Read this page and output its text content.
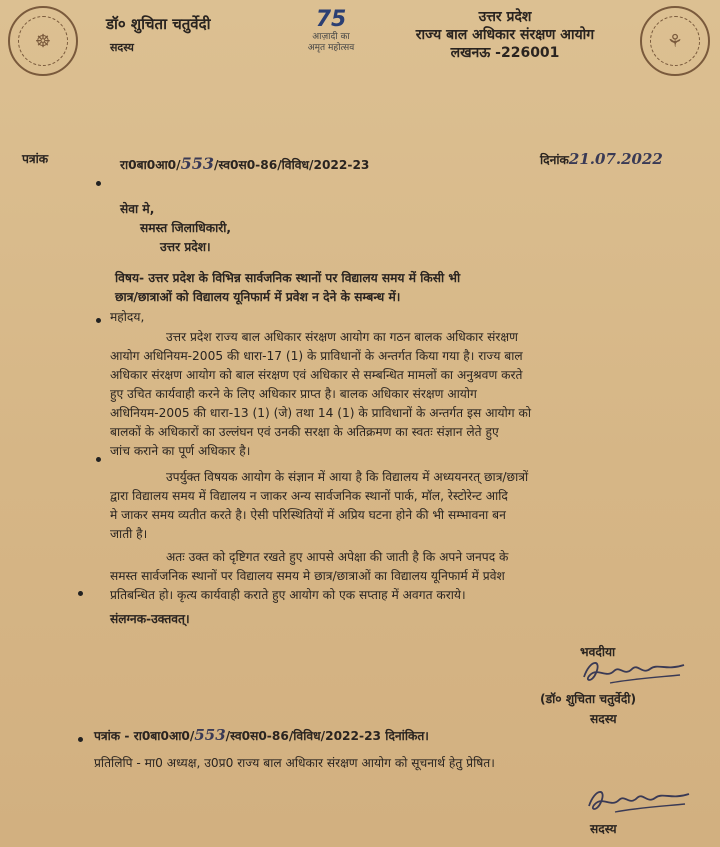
☸
डॉ० शुचिता चतुर्वेदी
सदस्य
75
आज़ादी का
अमृत महोत्सव
उत्तर प्रदेश
राज्य बाल अधिकार संरक्षण आयोग
लखनऊ -226001
⚘
पत्रांक	रा0बा0आ0/553/स्व0स0-86/विविध/2022-23	दिनांक21.07.2022
सेवा मे,
समस्त जिलाधिकारी,
उत्तर प्रदेश।
विषय- उत्तर प्रदेश के विभिन्न सार्वजनिक स्थानों पर विद्यालय समय में किसी भी
छात्र/छात्राओं को विद्यालय यूनिफार्म में प्रवेश न देने के सम्बन्ध में।
महोदय,
उत्तर प्रदेश राज्य बाल अधिकार संरक्षण आयोग का गठन बालक अधिकार संरक्षण
आयोग अधिनियम-2005 की धारा-17 (1) के प्राविधानों के अन्तर्गत किया गया है। राज्य बाल
अधिकार संरक्षण आयोग को बाल संरक्षण एवं अधिकार से सम्बन्धित मामलों का अनुश्रवण करते
हुए उचित कार्यवाही करने के लिए अधिकार प्राप्त है। बालक अधिकार संरक्षण आयोग
अधिनियम-2005 की धारा-13 (1) (जे) तथा 14 (1) के प्राविधानों के अन्तर्गत इस आयोग को
बालकों के अधिकारों का उल्लंघन एवं उनकी सरक्षा के अतिक्रमण का स्वतः संज्ञान लेते हुए
जांच कराने का पूर्ण अधिकार है।
उपर्युक्त विषयक आयोग के संज्ञान में आया है कि विद्यालय में अध्ययनरत् छात्र/छात्रों
द्वारा विद्यालय समय में विद्यालय न जाकर अन्य सार्वजनिक स्थानों पार्क, मॉल, रेस्टोरेन्ट आदि
मे जाकर समय व्यतीत करते है। ऐसी परिस्थितियों में अप्रिय घटना होने की भी सम्भावना बन
जाती है।
अतः उक्त को दृष्टिगत रखते हुए आपसे अपेक्षा की जाती है कि अपने जनपद के
समस्त सार्वजनिक स्थानों पर विद्यालय समय मे छात्र/छात्राओं का विद्यालय यूनिफार्म में प्रवेश
प्रतिबन्धित हो। कृत्य कार्यवाही कराते हुए आयोग को एक सप्ताह में अवगत कराये।
संलग्नक-उक्तवत्।
भवदीया
(डॉ० शुचिता चतुर्वेदी)
सदस्य
पत्रांक - रा0बा0आ0/553/स्व0स0-86/विविध/2022-23 दिनांकित।
प्रतिलिपि - मा0 अध्यक्ष, उ0प्र0 राज्य बाल अधिकार संरक्षण आयोग को सूचनार्थ हेतु प्रेषित।
सदस्य
